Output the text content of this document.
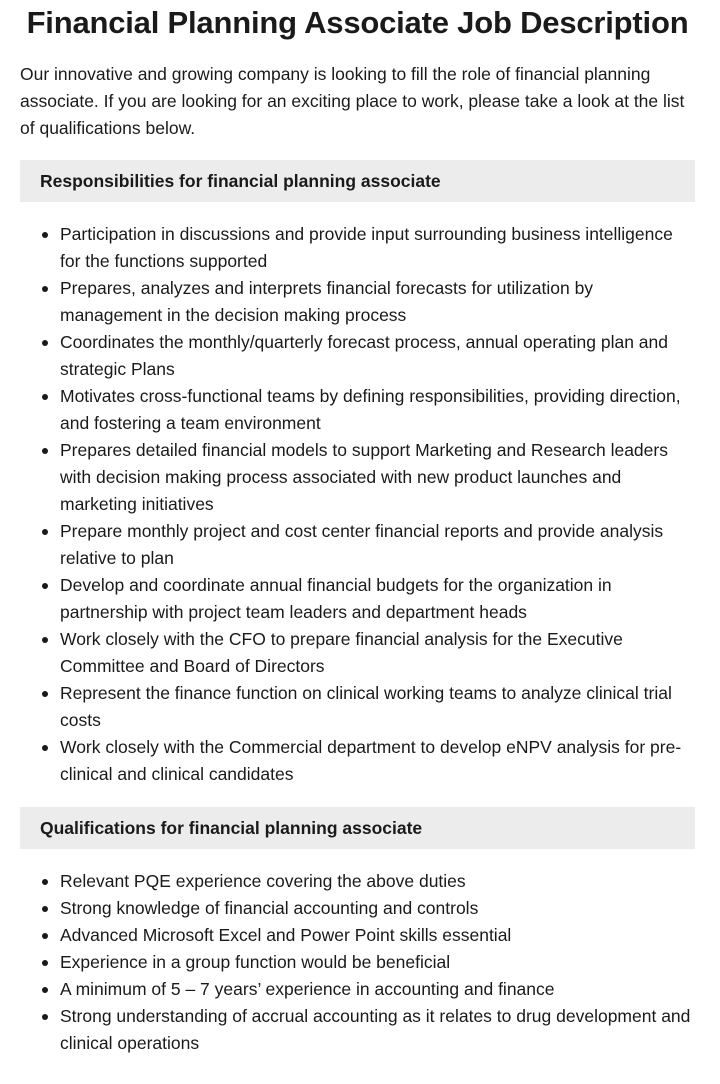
Financial Planning Associate Job Description

Our innovative and growing company is looking to fill the role of financial planning associate. If you are looking for an exciting place to work, please take a look at the list of qualifications below.

Responsibilities for financial planning associate
Participation in discussions and provide input surrounding business intelligence for the functions supported
Prepares, analyzes and interprets financial forecasts for utilization by management in the decision making process
Coordinates the monthly/quarterly forecast process, annual operating plan and strategic Plans
Motivates cross-functional teams by defining responsibilities, providing direction, and fostering a team environment
Prepares detailed financial models to support Marketing and Research leaders with decision making process associated with new product launches and marketing initiatives
Prepare monthly project and cost center financial reports and provide analysis relative to plan
Develop and coordinate annual financial budgets for the organization in partnership with project team leaders and department heads
Work closely with the CFO to prepare financial analysis for the Executive Committee and Board of Directors
Represent the finance function on clinical working teams to analyze clinical trial costs
Work closely with the Commercial department to develop eNPV analysis for pre-clinical and clinical candidates
Qualifications for financial planning associate
Relevant PQE experience covering the above duties
Strong knowledge of financial accounting and controls
Advanced Microsoft Excel and Power Point skills essential
Experience in a group function would be beneficial
A minimum of 5 – 7 years’ experience in accounting and finance
Strong understanding of accrual accounting as it relates to drug development and clinical operations
